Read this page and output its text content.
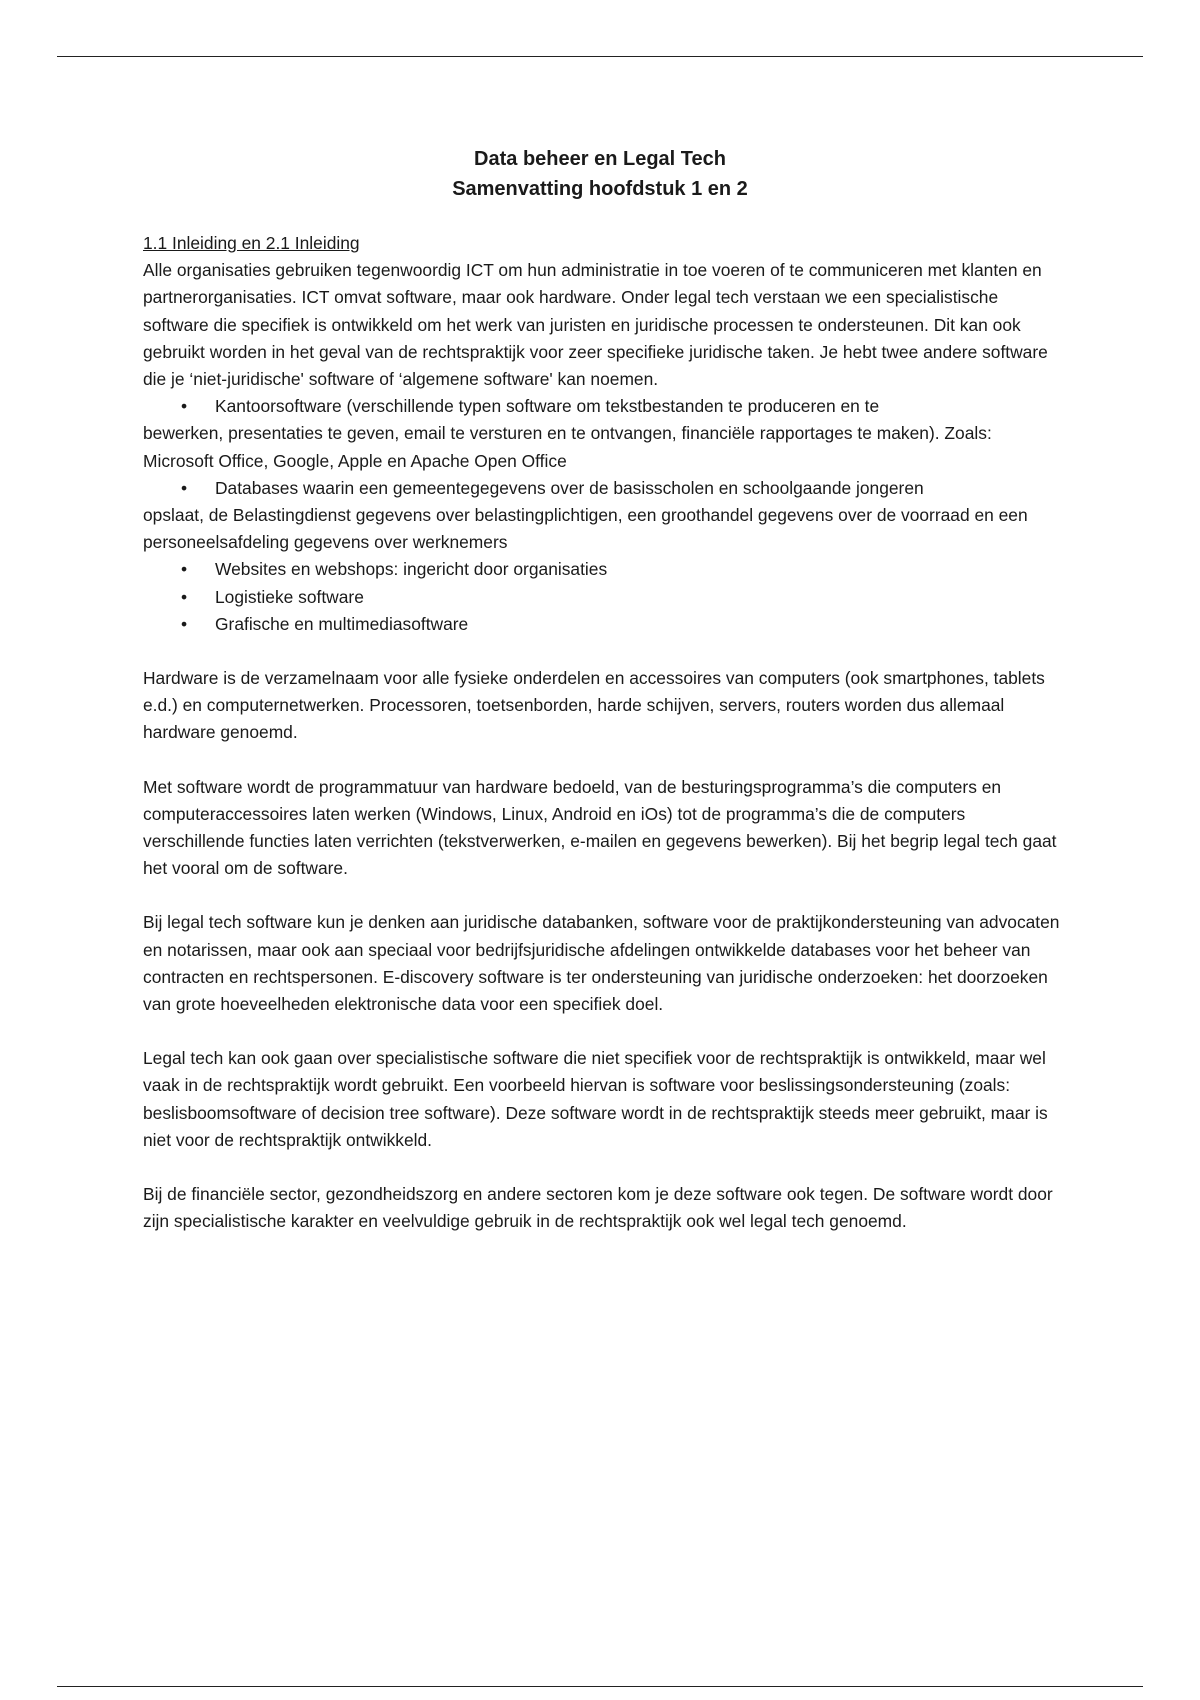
Data beheer en Legal Tech
Samenvatting hoofdstuk 1 en 2

1.1 Inleiding en 2.1 Inleiding

Alle organisaties gebruiken tegenwoordig ICT om hun administratie in toe voeren of te communiceren met klanten en partnerorganisaties. ICT omvat software, maar ook hardware. Onder legal tech verstaan we een specialistische software die specifiek is ontwikkeld om het werk van juristen en juridische processen te ondersteunen. Dit kan ook gebruikt worden in het geval van de rechtspraktijk voor zeer specifieke juridische taken. Je hebt twee andere software die je ‘niet-juridische' software of ‘algemene software' kan noemen.

• Kantoorsoftware (verschillende typen software om tekstbestanden te produceren en te
bewerken, presentaties te geven, email te versturen en te ontvangen, financiële rapportages te maken). Zoals: Microsoft Office, Google, Apple en Apache Open Office

• Databases waarin een gemeentegegevens over de basisscholen en schoolgaande jongeren
opslaat, de Belastingdienst gegevens over belastingplichtigen, een groothandel gegevens over de voorraad en een personeelsafdeling gegevens over werknemers

• Websites en webshops: ingericht door organisaties

• Logistieke software

• Grafische en multimediasoftware

Hardware is de verzamelnaam voor alle fysieke onderdelen en accessoires van computers (ook smartphones, tablets e.d.) en computernetwerken. Processoren, toetsenborden, harde schijven, servers, routers worden dus allemaal hardware genoemd.

Met software wordt de programmatuur van hardware bedoeld, van de besturingsprogramma’s die computers en computeraccessoires laten werken (Windows, Linux, Android en iOs) tot de programma’s die de computers verschillende functies laten verrichten (tekstverwerken, e-mailen en gegevens bewerken). Bij het begrip legal tech gaat het vooral om de software.

Bij legal tech software kun je denken aan juridische databanken, software voor de praktijkondersteuning van advocaten en notarissen, maar ook aan speciaal voor bedrijfsjuridische afdelingen ontwikkelde databases voor het beheer van contracten en rechtspersonen. E-discovery software is ter ondersteuning van juridische onderzoeken: het doorzoeken van grote hoeveelheden elektronische data voor een specifiek doel.

Legal tech kan ook gaan over specialistische software die niet specifiek voor de rechtspraktijk is ontwikkeld, maar wel vaak in de rechtspraktijk wordt gebruikt. Een voorbeeld hiervan is software voor beslissingsondersteuning (zoals: beslisboomsoftware of decision tree software). Deze software wordt in de rechtspraktijk steeds meer gebruikt, maar is niet voor de rechtspraktijk ontwikkeld.

Bij de financiële sector, gezondheidszorg en andere sectoren kom je deze software ook tegen. De software wordt door zijn specialistische karakter en veelvuldige gebruik in de rechtspraktijk ook wel legal tech genoemd.
